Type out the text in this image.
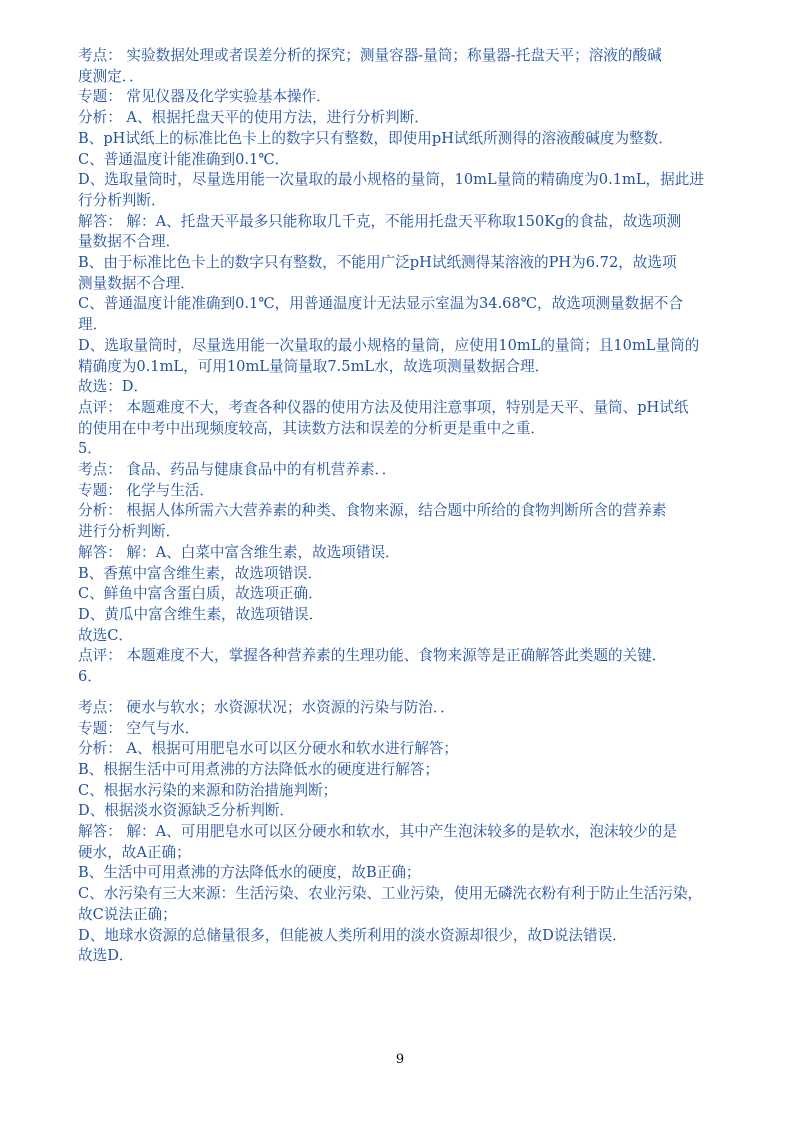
考点： 实验数据处理或者误差分析的探究；测量容器-量筒；称量器-托盘天平；溶液的酸碱
度测定．．
专题： 常见仪器及化学实验基本操作．
分析： A、根据托盘天平的使用方法，进行分析判断．
B、pH试纸上的标准比色卡上的数字只有整数，即使用pH试纸所测得的溶液酸碱度为整数．
C、普通温度计能准确到0.1℃．
D、选取量筒时，尽量选用能一次量取的最小规格的量筒，10mL量筒的精确度为0.1mL，据此进
行分析判断．
解答： 解：A、托盘天平最多只能称取几千克，不能用托盘天平称取150Kg的食盐，故选项测
量数据不合理．
B、由于标准比色卡上的数字只有整数，不能用广泛pH试纸测得某溶液的PH为6.72，故选项
测量数据不合理．
C、普通温度计能准确到0.1℃，用普通温度计无法显示室温为34.68℃，故选项测量数据不合
理．
D、选取量筒时，尽量选用能一次量取的最小规格的量筒，应使用10mL的量筒；且10mL量筒的
精确度为0.1mL，可用10mL量筒量取7.5mL水，故选项测量数据合理．
故选：D．
点评： 本题难度不大，考查各种仪器的使用方法及使用注意事项，特别是天平、量筒、pH试纸
的使用在中考中出现频度较高，其读数方法和误差的分析更是重中之重．
5．
考点： 食品、药品与健康食品中的有机营养素．．
专题： 化学与生活．
分析： 根据人体所需六大营养素的种类、食物来源，结合题中所给的食物判断所含的营养素
进行分析判断．
解答： 解：A、白菜中富含维生素，故选项错误．
B、香蕉中富含维生素，故选项错误．
C、鲜鱼中富含蛋白质，故选项正确．
D、黄瓜中富含维生素，故选项错误．
故选C．
点评： 本题难度不大，掌握各种营养素的生理功能、食物来源等是正确解答此类题的关键．
6．
考点： 硬水与软水；水资源状况；水资源的污染与防治．．
专题： 空气与水．
分析： A、根据可用肥皂水可以区分硬水和软水进行解答；
B、根据生活中可用煮沸的方法降低水的硬度进行解答；
C、根据水污染的来源和防治措施判断；
D、根据淡水资源缺乏分析判断．
解答： 解：A、可用肥皂水可以区分硬水和软水，其中产生泡沫较多的是软水，泡沫较少的是
硬水，故A正确；
B、生活中可用煮沸的方法降低水的硬度，故B正确；
C、水污染有三大来源：生活污染、农业污染、工业污染，使用无磷洗衣粉有利于防止生活污染，
故C说法正确；
D、地球水资源的总储量很多，但能被人类所利用的淡水资源却很少，故D说法错误．
故选D．
9
